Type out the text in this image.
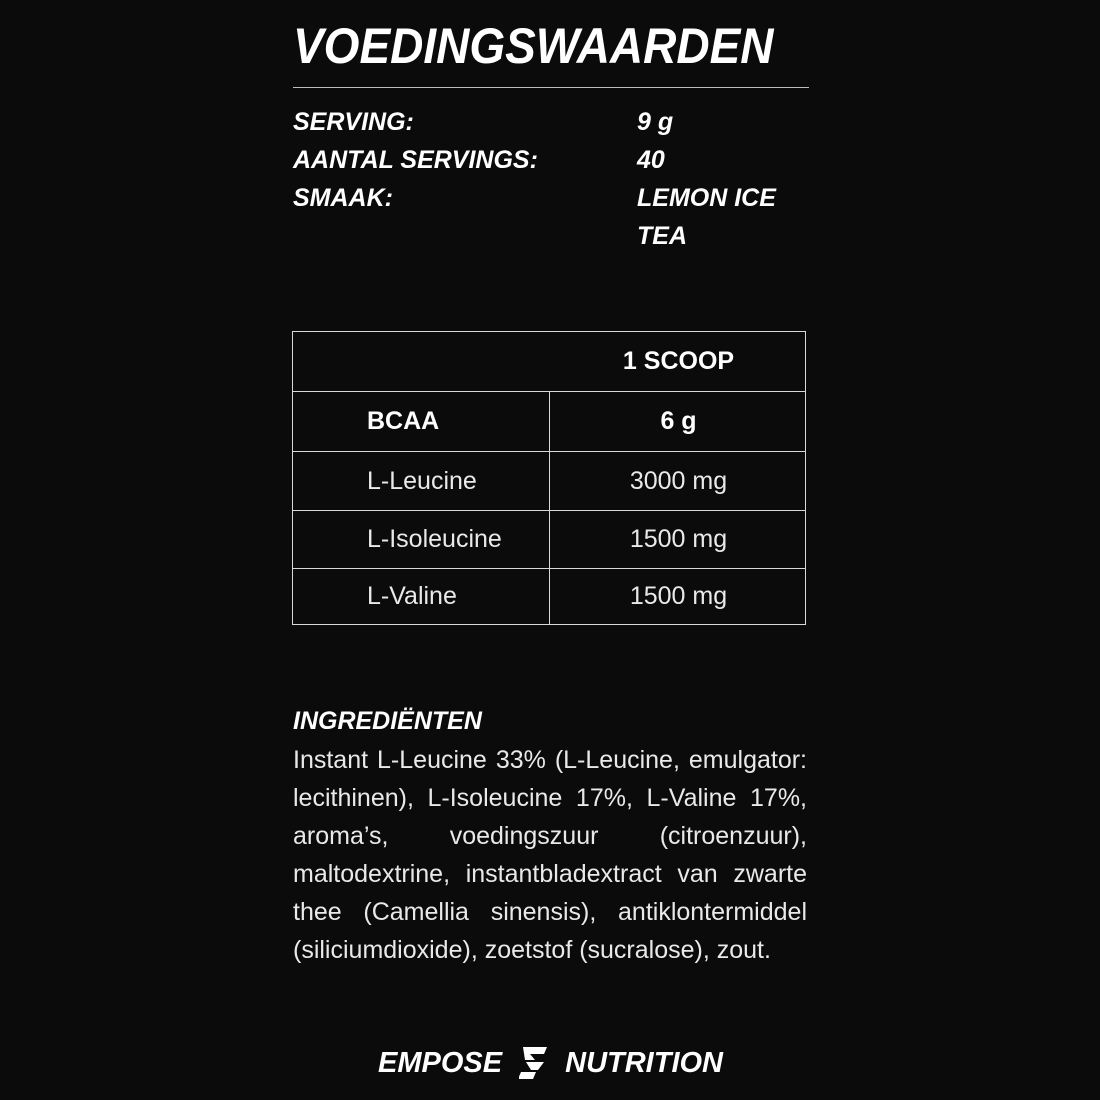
VOEDINGSWAARDEN
SERVING:	9 g
AANTAL SERVINGS:	40
SMAAK:	LEMON ICE TEA
1 SCOOP
BCAA	6 g
L-Leucine	3000 mg
L-Isoleucine	1500 mg
L-Valine	1500 mg
INGREDIËNTEN

Instant L-Leucine 33% (L-Leucine, emulgator: lecithinen), L-Isoleucine 17%, L-Valine 17%, aroma’s, voedingszuur (citroenzuur), maltodextrine, instantbladextract van zwarte thee (Camellia sinensis), antiklontermiddel (siliciumdioxide), zoetstof (sucralose), zout.

EMPOSE NUTRITION
